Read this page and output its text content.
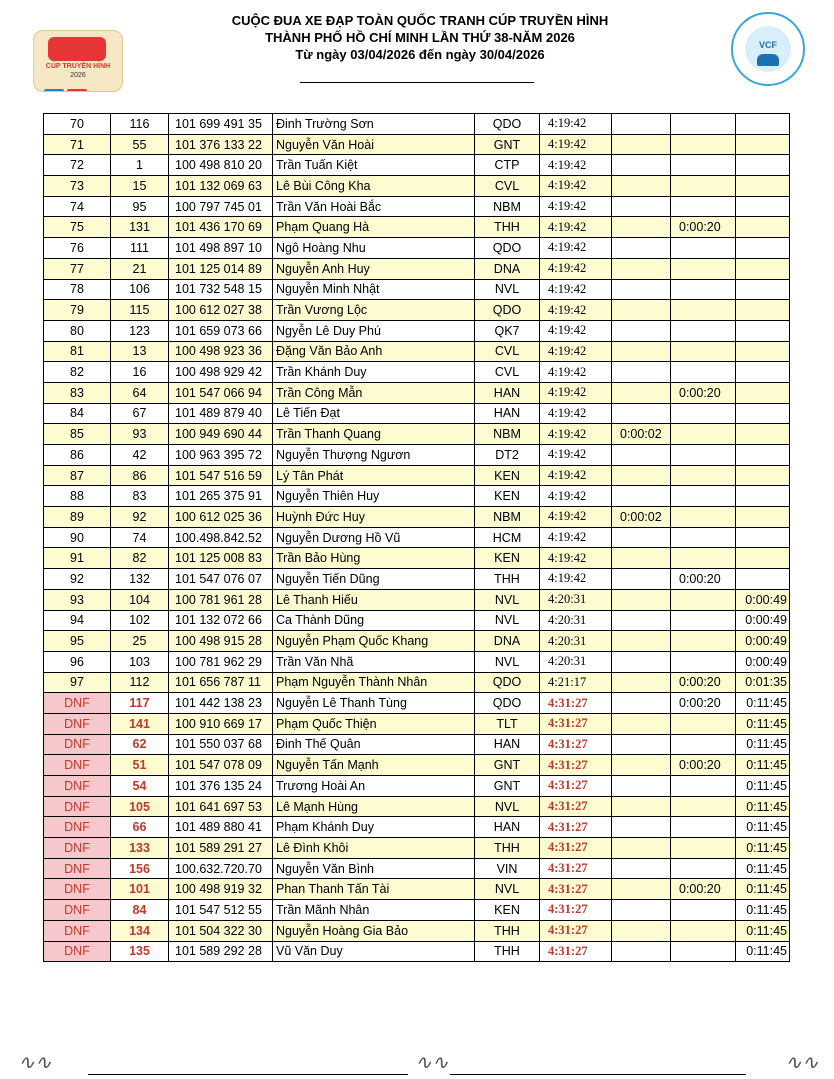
CÚP TRUYỀN HÌNH
2026
CUỘC ĐUA XE ĐẠP TOÀN QUỐC TRANH CÚP TRUYỀN HÌNH
THÀNH PHỐ HỒ CHÍ MINH LẦN THỨ 38-NĂM 2026
Từ ngày 03/04/2026 đến ngày 30/04/2026
VCF
70	116	101 699 491 35	Đinh Trường Sơn	QDO	4:19:42			
71	55	101 376 133 22	Nguyễn Văn Hoài	GNT	4:19:42			
72	1	100 498 810 20	Trần Tuấn Kiệt	CTP	4:19:42			
73	15	101 132 069 63	Lê Bùi Công Kha	CVL	4:19:42			
74	95	100 797 745 01	Trần Văn Hoài Bắc	NBM	4:19:42			
75	131	101 436 170 69	Phạm Quang Hà	THH	4:19:42		0:00:20	
76	111	101 498 897 10	Ngô Hoàng Nhu	QDO	4:19:42			
77	21	101 125 014 89	Nguyễn Anh Huy	DNA	4:19:42			
78	106	101 732 548 15	Nguyễn Minh Nhật	NVL	4:19:42			
79	115	100 612 027 38	Trần Vương Lộc	QDO	4:19:42			
80	123	101 659 073 66	Ngyễn Lê Duy Phú	QK7	4:19:42			
81	13	100 498 923 36	Đặng Văn Bảo Anh	CVL	4:19:42			
82	16	100 498 929 42	Trần Khánh Duy	CVL	4:19:42			
83	64	101 547 066 94	Trần Công Mẫn	HAN	4:19:42		0:00:20	
84	67	101 489 879 40	Lê Tiến Đạt	HAN	4:19:42			
85	93	100 949 690 44	Trần Thanh Quang	NBM	4:19:42	0:00:02		
86	42	100 963 395 72	Nguyễn Thượng Ngươn	DT2	4:19:42			
87	86	101 547 516 59	Lý Tân Phát	KEN	4:19:42			
88	83	101 265 375 91	Nguyễn Thiên Huy	KEN	4:19:42			
89	92	100 612 025 36	Huỳnh Đức Huy	NBM	4:19:42	0:00:02		
90	74	100.498.842.52	Nguyễn Dương Hồ Vũ	HCM	4:19:42			
91	82	101 125 008 83	Trần Bảo Hùng	KEN	4:19:42			
92	132	101 547 076 07	Nguyễn Tiến Dũng	THH	4:19:42		0:00:20	
93	104	100 781 961 28	Lê Thanh Hiếu	NVL	4:20:31			0:00:49
94	102	101 132 072 66	Ca Thành Dũng	NVL	4:20:31			0:00:49
95	25	100 498 915 28	Nguyễn Phạm Quốc Khang	DNA	4:20:31			0:00:49
96	103	100 781 962 29	Trần Văn Nhã	NVL	4:20:31			0:00:49
97	112	101 656 787 11	Phạm Nguyễn Thành Nhân	QDO	4:21:17		0:00:20	0:01:35
DNF	117	101 442 138 23	Nguyễn Lê Thanh Tùng	QDO	4:31:27		0:00:20	0:11:45
DNF	141	100 910 669 17	Phạm Quốc Thiện	TLT	4:31:27			0:11:45
DNF	62	101 550 037 68	Đinh Thế Quân	HAN	4:31:27			0:11:45
DNF	51	101 547 078 09	Nguyễn Tấn Mạnh	GNT	4:31:27		0:00:20	0:11:45
DNF	54	101 376 135 24	Trương Hoài An	GNT	4:31:27			0:11:45
DNF	105	101 641 697 53	Lê Mạnh Hùng	NVL	4:31:27			0:11:45
DNF	66	101 489 880 41	Phạm Khánh Duy	HAN	4:31:27			0:11:45
DNF	133	101 589 291 27	Lê Đình Khôi	THH	4:31:27			0:11:45
DNF	156	100.632.720.70	Nguyễn Văn Bình	VIN	4:31:27			0:11:45
DNF	101	100 498 919 32	Phan Thanh Tấn Tài	NVL	4:31:27		0:00:20	0:11:45
DNF	84	101 547 512 55	Trần Mãnh Nhân	KEN	4:31:27			0:11:45
DNF	134	101 504 322 30	Nguyễn Hoàng Gia Bảo	THH	4:31:27			0:11:45
DNF	135	101 589 292 28	Vũ Văn Duy	THH	4:31:27			0:11:45
∿∿	∿∿	∿∿
